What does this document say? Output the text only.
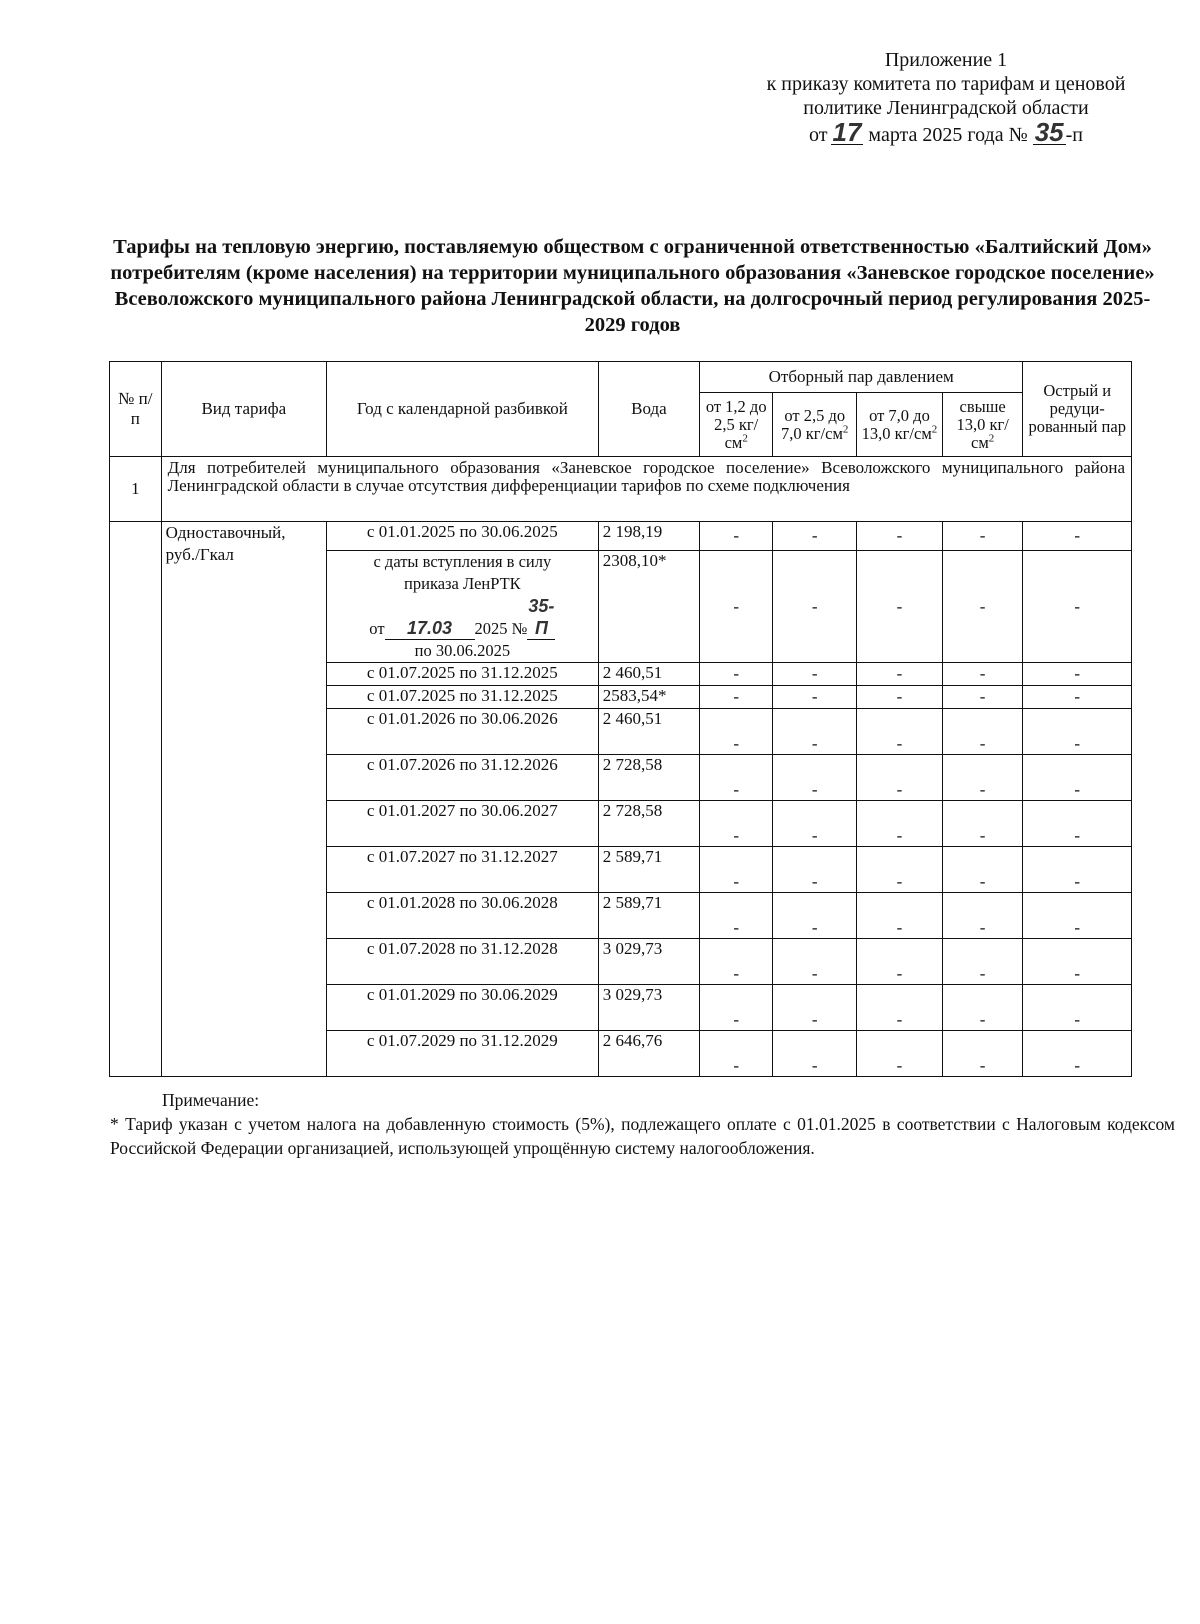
Приложение 1
к приказу комитета по тарифам и ценовой
политике Ленинградской области
от 17 марта 2025 года № 35 -п
Тарифы на тепловую энергию, поставляемую обществом с ограниченной ответственностью «Балтийский Дом» потребителям (кроме населения) на территории муниципального образования «Заневское городское поселение» Всеволожского муниципального района Ленинградской области, на долгосрочный период регулирования 2025-2029 годов
№ п/п	Вид тарифа	Год с календарной разбивкой	Вода	Отборный пар давлением				Острый и редуци-рованный пар
				от 1,2 до 2,5 $кг/см^2$	от 2,5 до 7,0 $кг/см^2$	от 7,0 до 13,0 $кг/см^2$	свыше 13,0 $кг/см^2$
1	Для потребителей муниципального образования «Заневское городское поселение» Всеволожского муниципального района Ленинградской области в случае отсутствия дифференциации тарифов по схеме подключения							
	Одноставочный, руб./Гкал	с 01.01.2025 по 30.06.2025	2 198,19	-	-	-	-	-

		с даты вступления в силу
приказа ЛенРТК
от 17.03 2025 №35-П
по 30.06.2025	2308,10*	-	-	-	-	-
		с 01.07.2025 по 31.12.2025	2 460,51	-	-	-	-	-
		с 01.07.2025 по 31.12.2025	2583,54*	-	-	-	-	-
		с 01.01.2026 по 30.06.2026	2 460,51	-	-	-	-	-
		с 01.07.2026 по 31.12.2026	2 728,58	-	-	-	-	-
		с 01.01.2027 по 30.06.2027	2 728,58	-	-	-	-	-
		с 01.07.2027 по 31.12.2027	2 589,71	-	-	-	-	-
		с 01.01.2028 по 30.06.2028	2 589,71	-	-	-	-	-
		с 01.07.2028 по 31.12.2028	3 029,73	-	-	-	-	-
		с 01.01.2029 по 30.06.2029	3 029,73	-	-	-	-	-
		с 01.07.2029 по 31.12.2029	2 646,76	-	-	-	-	-
Примечание:
* Тариф указан с учетом налога на добавленную стоимость (5%), подлежащего оплате с 01.01.2025 в соответствии с Налоговым кодексом Российской Федерации организацией, использующей упрощённую систему налогообложения.
